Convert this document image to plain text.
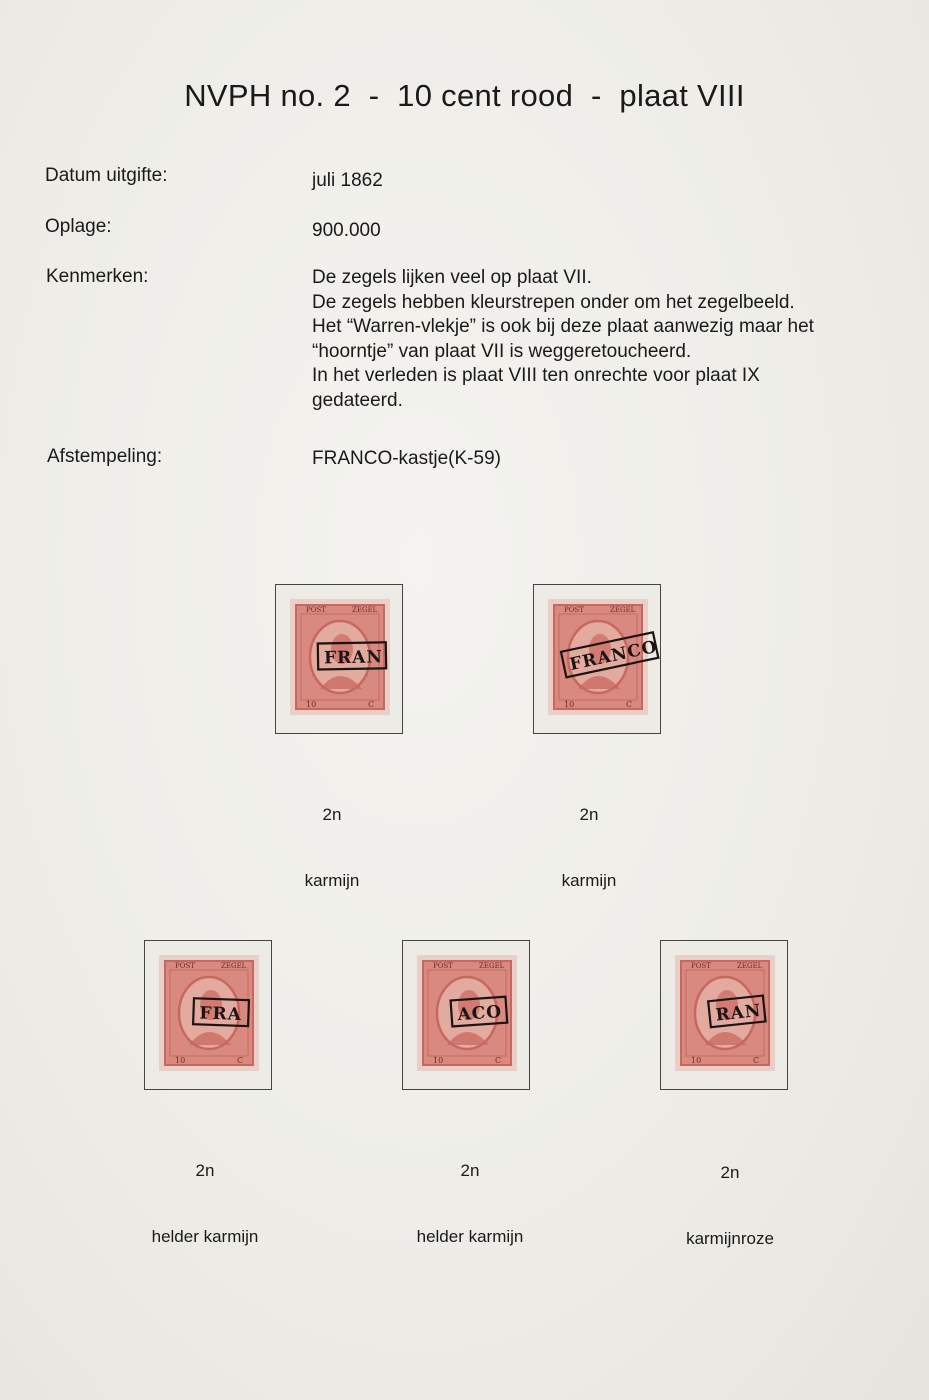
NVPH no. 2  -  10 cent rood  -  plaat VIII
Datum uitgifte:	juli 1862
Oplage:	900.000
Kenmerken:	De zegels lijken veel op plaat VII.
De zegels hebben kleurstrepen onder om het zegelbeeld.
Het “Warren-vlekje” is ook bij deze plaat aanwezig maar het
“hoorntje” van plaat VII is weggeretoucheerd.
In het verleden is plaat VIII ten onrechte voor plaat IX
gedateerd.
Afstempeling:	FRANCO-kastje(K-59)
POST	ZEGEL
10	C
FRAN
POST	ZEGEL
10	C
FRANCO
POST	ZEGEL
10	C
FRA
POST	ZEGEL
10	C
ACO
POST	ZEGEL
10	C
RAN

2n

karmijn

2n

karmijn

2n

helder karmijn

2n

helder karmijn

2n

karmijnroze
